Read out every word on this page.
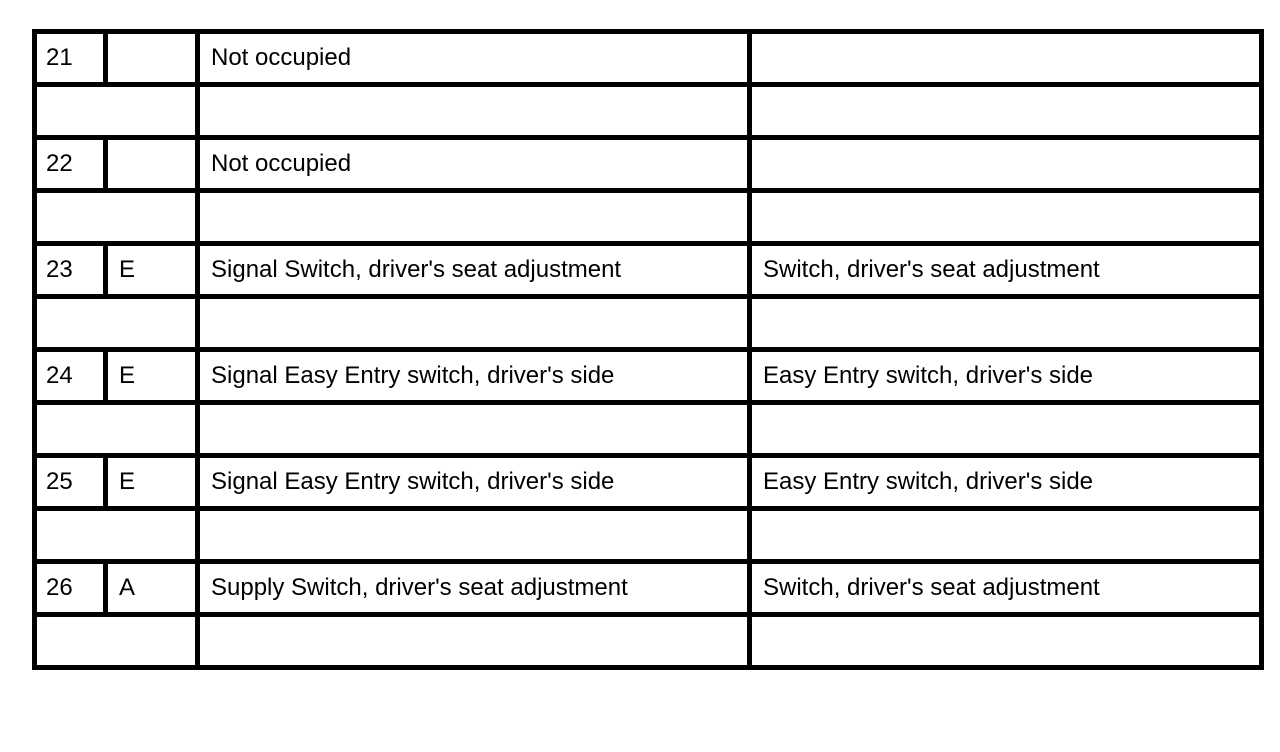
21		Not occupied	

22		Not occupied	

23	E	Signal Switch, driver's seat adjustment	Switch, driver's seat adjustment

24	E	Signal Easy Entry switch, driver's side	Easy Entry switch, driver's side

25	E	Signal Easy Entry switch, driver's side	Easy Entry switch, driver's side

26	A	Supply Switch, driver's seat adjustment	Switch, driver's seat adjustment
